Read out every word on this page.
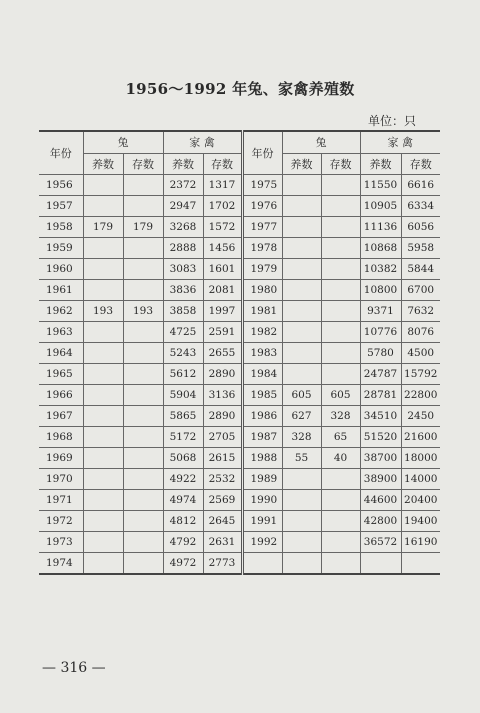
1956～1992 年兔、家禽养殖数
单位：只
年份	兔		家 禽		年份	兔		家 禽	
	养数	存数	养数	存数		养数	存数	养数	存数
1956			2372	1317	1975			11550	6616
1957			2947	1702	1976			10905	6334
1958	179	179	3268	1572	1977			11136	6056
1959			2888	1456	1978			10868	5958
1960			3083	1601	1979			10382	5844
1961			3836	2081	1980			10800	6700
1962	193	193	3858	1997	1981			9371	7632
1963			4725	2591	1982			10776	8076
1964			5243	2655	1983			5780	4500
1965			5612	2890	1984			24787	15792
1966			5904	3136	1985	605	605	28781	22800
1967			5865	2890	1986	627	328	34510	2450
1968			5172	2705	1987	328	65	51520	21600
1969			5068	2615	1988	55	40	38700	18000
1970			4922	2532	1989			38900	14000
1971			4974	2569	1990			44600	20400
1972			4812	2645	1991			42800	19400
1973			4792	2631	1992			36572	16190
1974			4972	2773					
— 316 —
